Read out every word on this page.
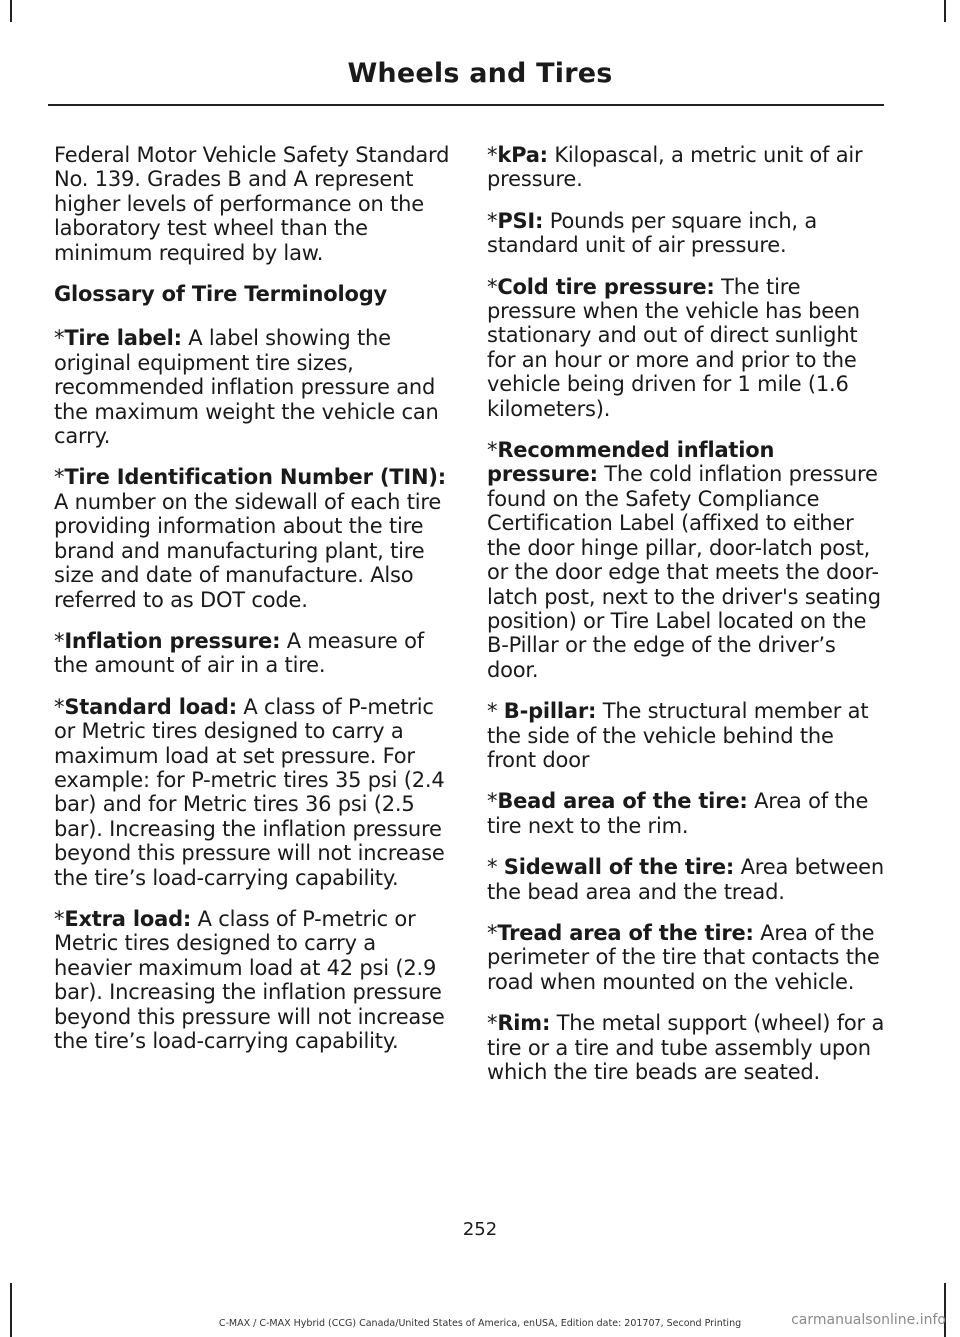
Wheels and Tires

Federal Motor Vehicle Safety Standard No. 139. Grades B and A represent higher levels of performance on the laboratory test wheel than the minimum required by law.

Glossary of Tire Terminology

*Tire label: A label showing the original equipment tire sizes, recommended inflation pressure and the maximum weight the vehicle can carry.

*Tire Identification Number (TIN): A number on the sidewall of each tire providing information about the tire brand and manufacturing plant, tire size and date of manufacture. Also referred to as DOT code.

*Inflation pressure: A measure of the amount of air in a tire.

*Standard load: A class of P-metric or Metric tires designed to carry a maximum load at set pressure. For example: for P-metric tires 35 psi (2.4 bar) and for Metric tires 36 psi (2.5 bar). Increasing the inflation pressure beyond this pressure will not increase the tire’s load-carrying capability.

*Extra load: A class of P-metric or Metric tires designed to carry a heavier maximum load at 42 psi (2.9 bar). Increasing the inflation pressure beyond this pressure will not increase the tire’s load-carrying capability.

*kPa: Kilopascal, a metric unit of air pressure.

*PSI: Pounds per square inch, a standard unit of air pressure.

*Cold tire pressure: The tire pressure when the vehicle has been stationary and out of direct sunlight for an hour or more and prior to the vehicle being driven for 1 mile (1.6 kilometers).

*Recommended inflation pressure: The cold inflation pressure found on the Safety Compliance Certification Label (affixed to either the door hinge pillar, door-latch post, or the door edge that meets the door-latch post, next to the driver's seating position) or Tire Label located on the B-Pillar or the edge of the driver’s door.

* B-pillar: The structural member at the side of the vehicle behind the front door

*Bead area of the tire: Area of the tire next to the rim.

* Sidewall of the tire: Area between the bead area and the tread.

*Tread area of the tire: Area of the perimeter of the tire that contacts the road when mounted on the vehicle.

*Rim: The metal support (wheel) for a tire or a tire and tube assembly upon which the tire beads are seated.

252
C-MAX / C-MAX Hybrid (CCG) Canada/United States of America, enUSA, Edition date: 201707, Second Printing	carmanualsonline.info
